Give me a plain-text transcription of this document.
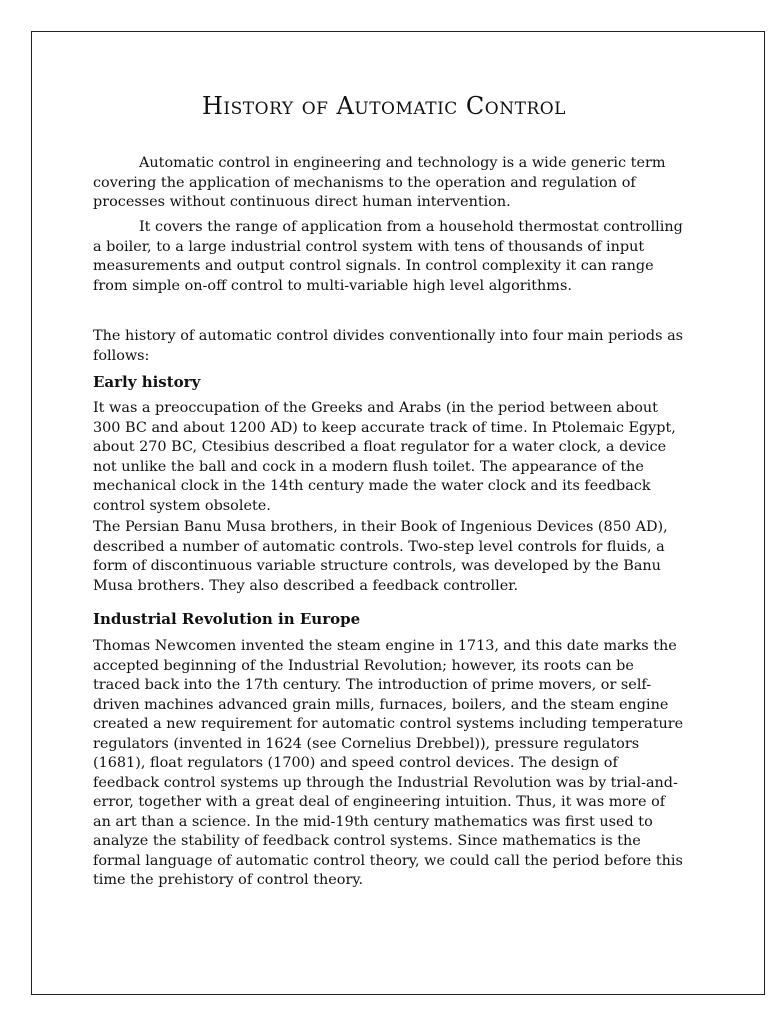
History of Automatic Control

Automatic control in engineering and technology is a wide generic term covering the application of mechanisms to the operation and regulation of processes without continuous direct human intervention.

It covers the range of application from a household thermostat controlling a boiler, to a large industrial control system with tens of thousands of input measurements and output control signals. In control complexity it can range from simple on-off control to multi-variable high level algorithms.

The history of automatic control divides conventionally into four main periods as follows:

Early history

It was a preoccupation of the Greeks and Arabs (in the period between about 300 BC and about 1200 AD) to keep accurate track of time. In Ptolemaic Egypt, about 270 BC, Ctesibius described a float regulator for a water clock, a device not unlike the ball and cock in a modern flush toilet. The appearance of the mechanical clock in the 14th century made the water clock and its feedback control system obsolete.

The Persian Banu Musa brothers, in their Book of Ingenious Devices (850 AD), described a number of automatic controls. Two-step level controls for fluids, a form of discontinuous variable structure controls, was developed by the Banu Musa brothers. They also described a feedback controller.

Industrial Revolution in Europe

Thomas Newcomen invented the steam engine in 1713, and this date marks the accepted beginning of the Industrial Revolution; however, its roots can be traced back into the 17th century. The introduction of prime movers, or self-driven machines advanced grain mills, furnaces, boilers, and the steam engine created a new requirement for automatic control systems including temperature regulators (invented in 1624 (see Cornelius Drebbel)), pressure regulators (1681), float regulators (1700) and speed control devices. The design of feedback control systems up through the Industrial Revolution was by trial-and-error, together with a great deal of engineering intuition. Thus, it was more of an art than a science. In the mid-19th century mathematics was first used to analyze the stability of feedback control systems. Since mathematics is the formal language of automatic control theory, we could call the period before this time the prehistory of control theory.
